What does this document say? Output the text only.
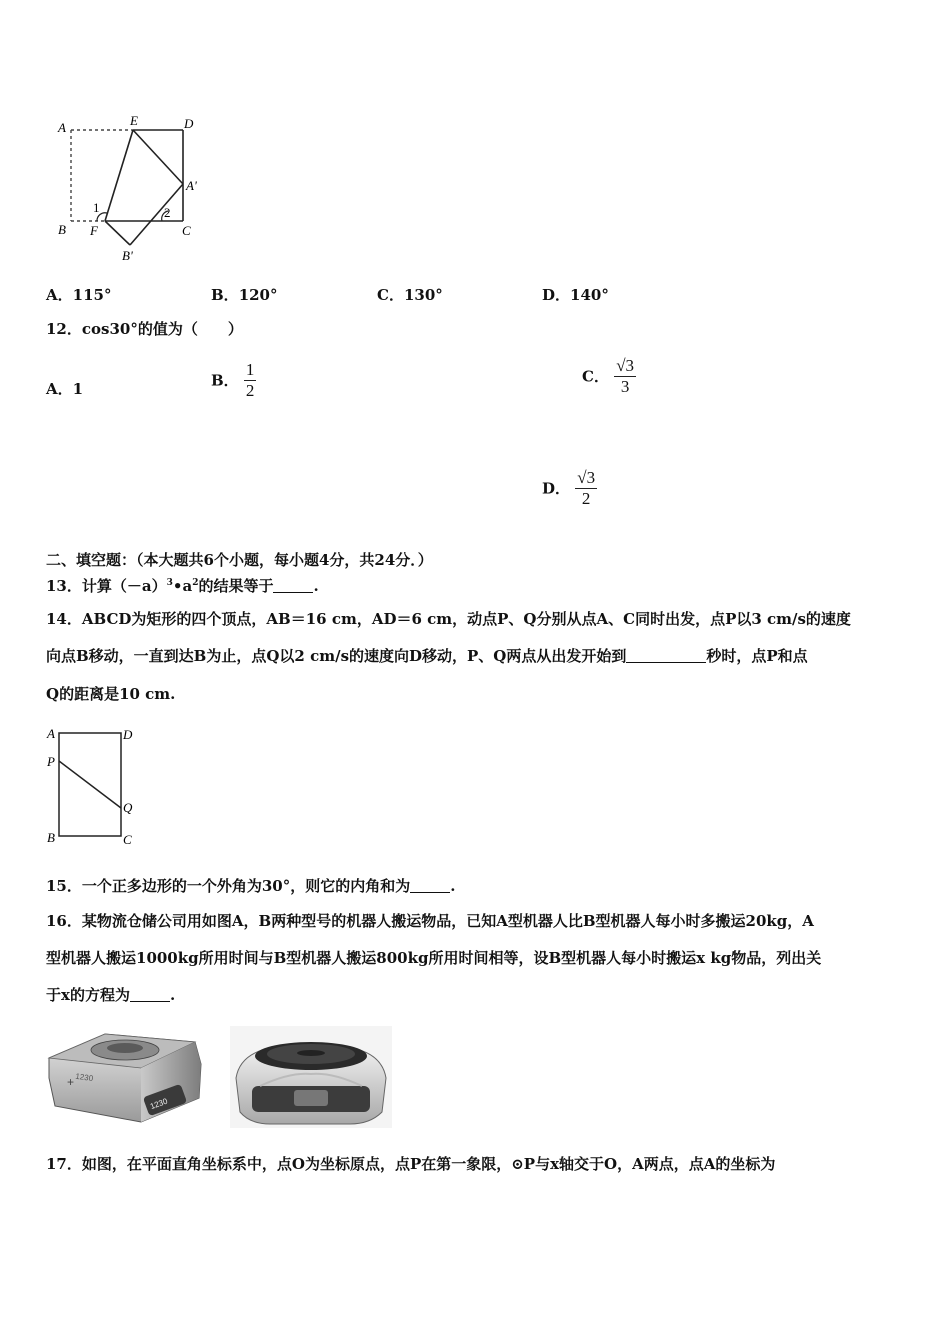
A	E	D
A'
B F	C
B'
1	2
A．115°	B．120°	C．130°	D．140°
12．cos30°的值为（　　）
A．1	B． $\frac{1}{2}$	C． $\frac{√3}{3}$
D． $\frac{√3}{2}$
二、填空题：（本大题共6个小题，每小题4分，共24分．）
13．计算$(-a)^3•a^2$的结果等于	.
14．ABCD为矩形的四个顶点，AB＝16 cm，AD＝6 cm，动点P、Q分别从点A、C同时出发，点P以3 cm/s的速度
向点B移动，一直到达B为止，点Q以2 cm/s的速度向D移动，P、Q两点从出发开始到	秒时，点P和点
Q的距离是10 cm.
A	D
P
Q
B	C
15．一个正多边形的一个外角为30°，则它的内角和为	.
16．某物流仓储公司用如图A，B两种型号的机器人搬运物品，已知A型机器人比B型机器人每小时多搬运20kg，A
型机器人搬运1000kg所用时间与B型机器人搬运800kg所用时间相等，设B型机器人每小时搬运x kg物品，列出关
于x的方程为	.
1230
1230
+
17．如图，在平面直角坐标系中，点O为坐标原点，点P在第一象限，⊙P与x轴交于O，A两点，点A的坐标为
